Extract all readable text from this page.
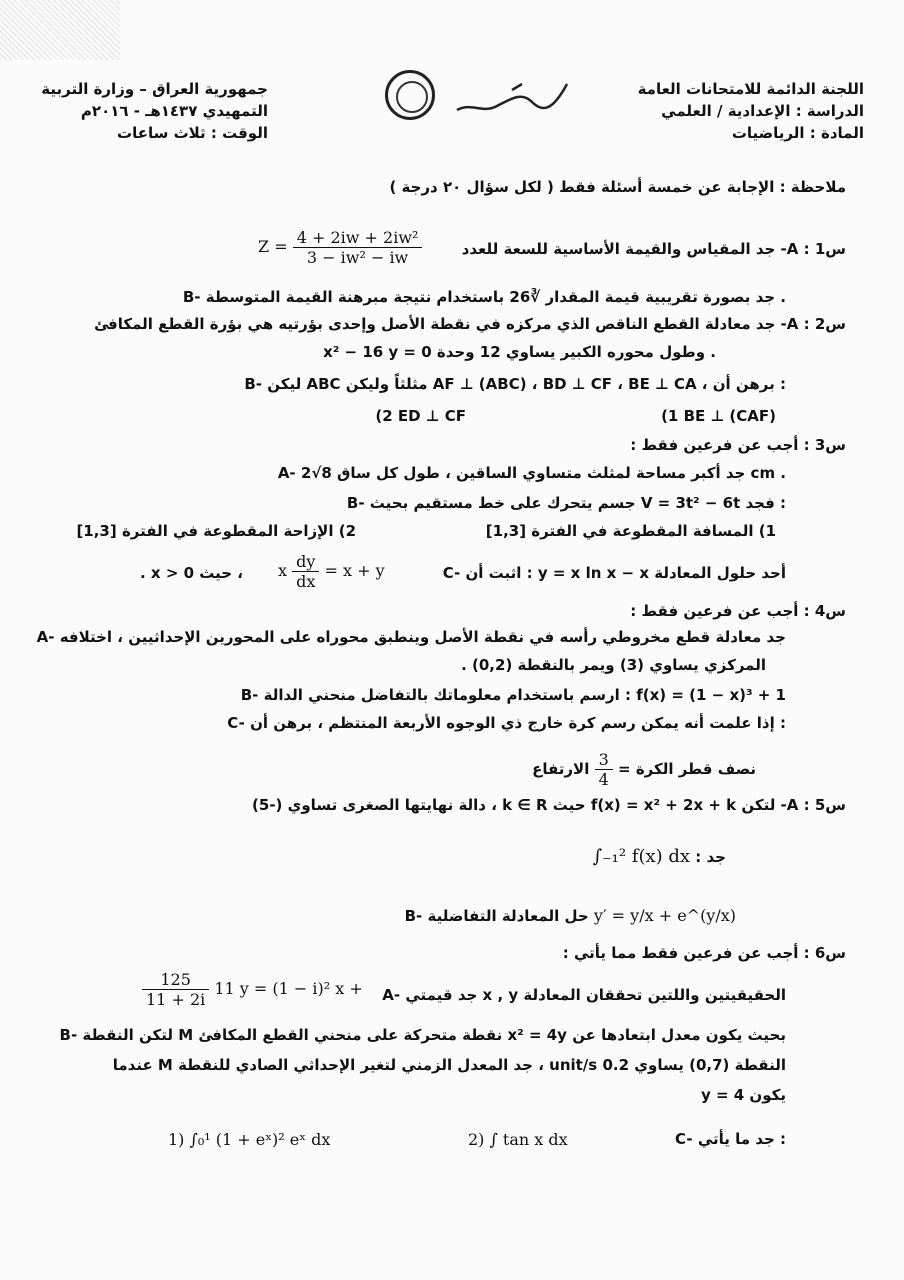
اللجنة الدائمة للامتحانات العامة
الدراسة : الإعدادية / العلمي
المادة : الرياضيات
جمهورية العراق – وزارة التربية
التمهيدي ١٤٣٧هـ - ٢٠١٦م
الوقت : ثلاث ساعات
ملاحظة : الإجابة عن خمسة أسئلة فقط ( لكل سؤال ٢٠ درجة )
س1 : A- جد المقياس والقيمة الأساسية للسعة للعدد
$Z = \frac{\text{4 + 2iw + 2iw²}}{\text{3 − iw² − iw}}$
B- جد بصورة تقريبية قيمة المقدار ∛26 باستخدام نتيجة مبرهنة القيمة المتوسطة .
س2 : A- جد معادلة القطع الناقص الذي مركزه في نقطة الأصل وإحدى بؤرتيه هي بؤرة القطع المكافئ
x² − 16 y = 0 وطول محوره الكبير يساوي 12 وحدة .
B- ليكن ABC مثلثاً وليكن AF ⊥ (ABC) ، BD ⊥ CF ، BE ⊥ CA ، برهن أن :
(1 BE ⊥ (CAF)
(2 ED ⊥ CF
س3 : أجب عن فرعين فقط :
A- جد أكبر مساحة لمثلث متساوي الساقين ، طول كل ساق 8√2 cm .
B- جسم يتحرك على خط مستقيم بحيث V = 3t² − 6t فجد :
1) المسافة المقطوعة في الفترة [1,3]
2) الإزاحة المقطوعة في الفترة [1,3]
C- اثبت أن : y = x ln x − x أحد حلول المعادلة
x $\frac{dy}{dx} = x + y$
، حيث x > 0 .
س4 : أجب عن فرعين فقط :
A- جد معادلة قطع مخروطي رأسه في نقطة الأصل وينطبق محوراه على المحورين الإحداثيين ، اختلافه
المركزي يساوي (3) ويمر بالنقطة (0,2) .
B- ارسم باستخدام معلوماتك بالتفاضل منحني الدالة : f(x) = (1 − x)³ + 1
C- إذا علمت أنه يمكن رسم كرة خارج ذي الوجوه الأربعة المنتظم ، برهن أن :
نصف قطر الكرة =
$\frac{3}{4}$
الارتفاع
س5 : A- لتكن f(x) = x² + 2x + k حيث k ∈ R ، دالة نهايتها الصغرى تساوي (-5)
جد : ∫₋₁² f(x) dx
B- حل المعادلة التفاضلية y′ = y/x + e^(y/x)
س6 : أجب عن فرعين فقط مما يأتي :
A- جد قيمتي x , y الحقيقيتين واللتين تحققان المعادلة
$\frac{125}{11 + 2i} 11$ y = (1 − i)² x +
B- لتكن النقطة M نقطة متحركة على منحني القطع المكافئ x² = 4y بحيث يكون معدل ابتعادها عن
النقطة (0,7) يساوي 0.2 unit/s ، جد المعدل الزمني لتغير الإحداثي الصادي للنقطة M عندما
يكون y = 4
C- جد ما يأتي :
2) ∫ tan x dx
1) ∫₀¹ (1 + eˣ)² eˣ dx
